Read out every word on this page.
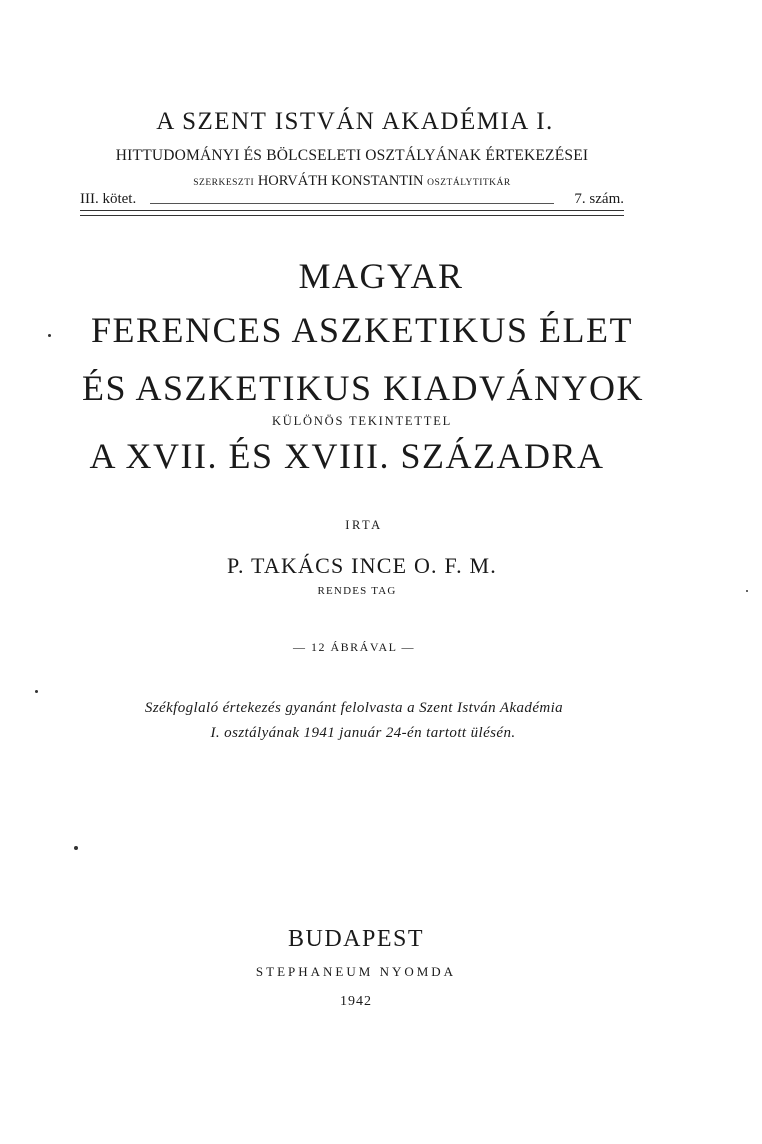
A SZENT ISTVÁN AKADÉMIA I.
HITTUDOMÁNYI ÉS BÖLCSELETI OSZTÁLYÁNAK ÉRTEKEZÉSEI
SZERKESZTI HORVÁTH KONSTANTIN OSZTÁLYTITKÁR
III. kötet.	7. szám.
MAGYAR
FERENCES ASZKETIKUS ÉLET
ÉS ASZKETIKUS KIADVÁNYOK
KÜLÖNÖS TEKINTETTEL
A XVII. ÉS XVIII. SZÁZADRA
IRTA
P. TAKÁCS INCE O. F. M.
RENDES TAG
— 12 ÁBRÁVAL —
Székfoglaló értekezés gyanánt felolvasta a Szent István Akadémia
I. osztályának 1941 január 24-én tartott ülésén.
BUDAPEST
STEPHANEUM NYOMDA
1942
